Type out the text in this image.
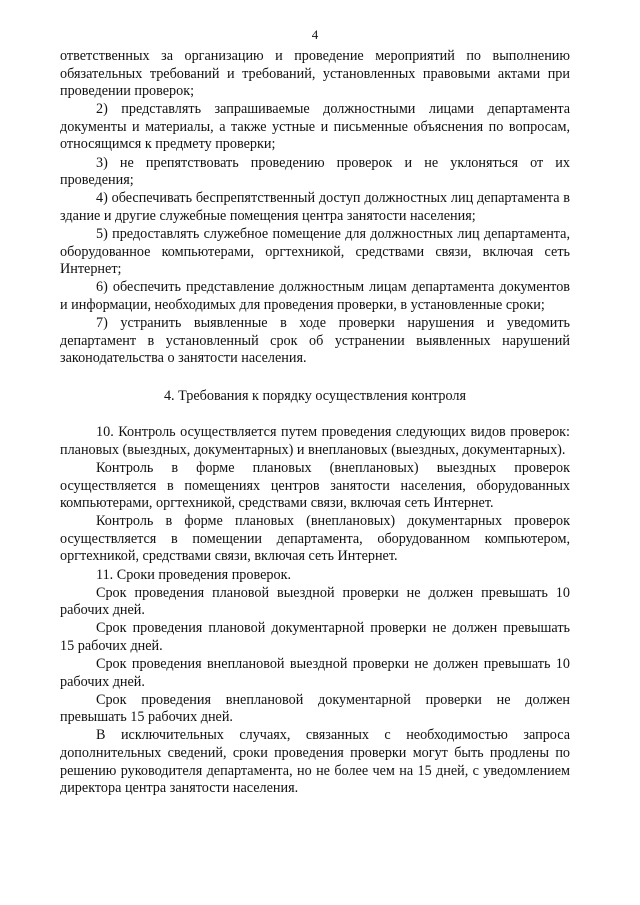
4

ответственных за организацию и проведение мероприятий по выполнению обязательных требований и требований, установленных правовыми актами при проведении проверок;

2) представлять запрашиваемые должностными лицами департамента документы и материалы, а также устные и письменные объяснения по вопросам, относящимся к предмету проверки;

3) не препятствовать проведению проверок и не уклоняться от их проведения;

4) обеспечивать беспрепятственный доступ должностных лиц департамента в здание и другие служебные помещения центра занятости населения;

5) предоставлять служебное помещение для должностных лиц департамента, оборудованное компьютерами, оргтехникой, средствами связи, включая сеть Интернет;

6) обеспечить представление должностным лицам департамента документов и информации, необходимых для проведения проверки, в установленные сроки;

7) устранить выявленные в ходе проверки нарушения и уведомить департамент в установленный срок об устранении выявленных нарушений законодательства о занятости населения.

4. Требования к порядку осуществления контроля

10. Контроль осуществляется путем проведения следующих видов проверок: плановых (выездных, документарных) и внеплановых (выездных, документарных).

Контроль в форме плановых (внеплановых) выездных проверок осуществляется в помещениях центров занятости населения, оборудованных компьютерами, оргтехникой, средствами связи, включая сеть Интернет.

Контроль в форме плановых (внеплановых) документарных проверок осуществляется в помещении департамента, оборудованном компьютером, оргтехникой, средствами связи, включая сеть Интернет.

11. Сроки проведения проверок.

Срок проведения плановой выездной проверки не должен превышать 10 рабочих дней.

Срок проведения плановой документарной проверки не должен превышать 15 рабочих дней.

Срок проведения внеплановой выездной проверки не должен превышать 10 рабочих дней.

Срок проведения внеплановой документарной проверки не должен превышать 15 рабочих дней.

В исключительных случаях, связанных с необходимостью запроса дополнительных сведений, сроки проведения проверки могут быть продлены по решению руководителя департамента, но не более чем на 15 дней, с уведомлением директора центра занятости населения.
